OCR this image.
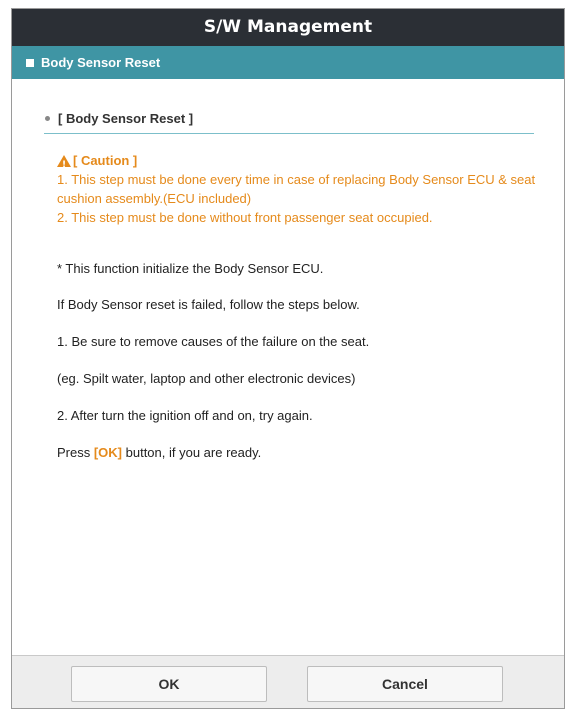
S/W Management
Body Sensor Reset
[ Body Sensor Reset ]
!
[ Caution ]
1. This step must be done every time in case of replacing Body Sensor ECU & seat cushion assembly.(ECU included)
2. This step must be done without front passenger seat occupied.
* This function initialize the Body Sensor ECU.
If Body Sensor reset is failed, follow the steps below.
1. Be sure to remove causes of the failure on the seat.
(eg. Spilt water, laptop and other electronic devices)
2. After turn the ignition off and on, try again.
Press [OK] button, if you are ready.
OK	Cancel
